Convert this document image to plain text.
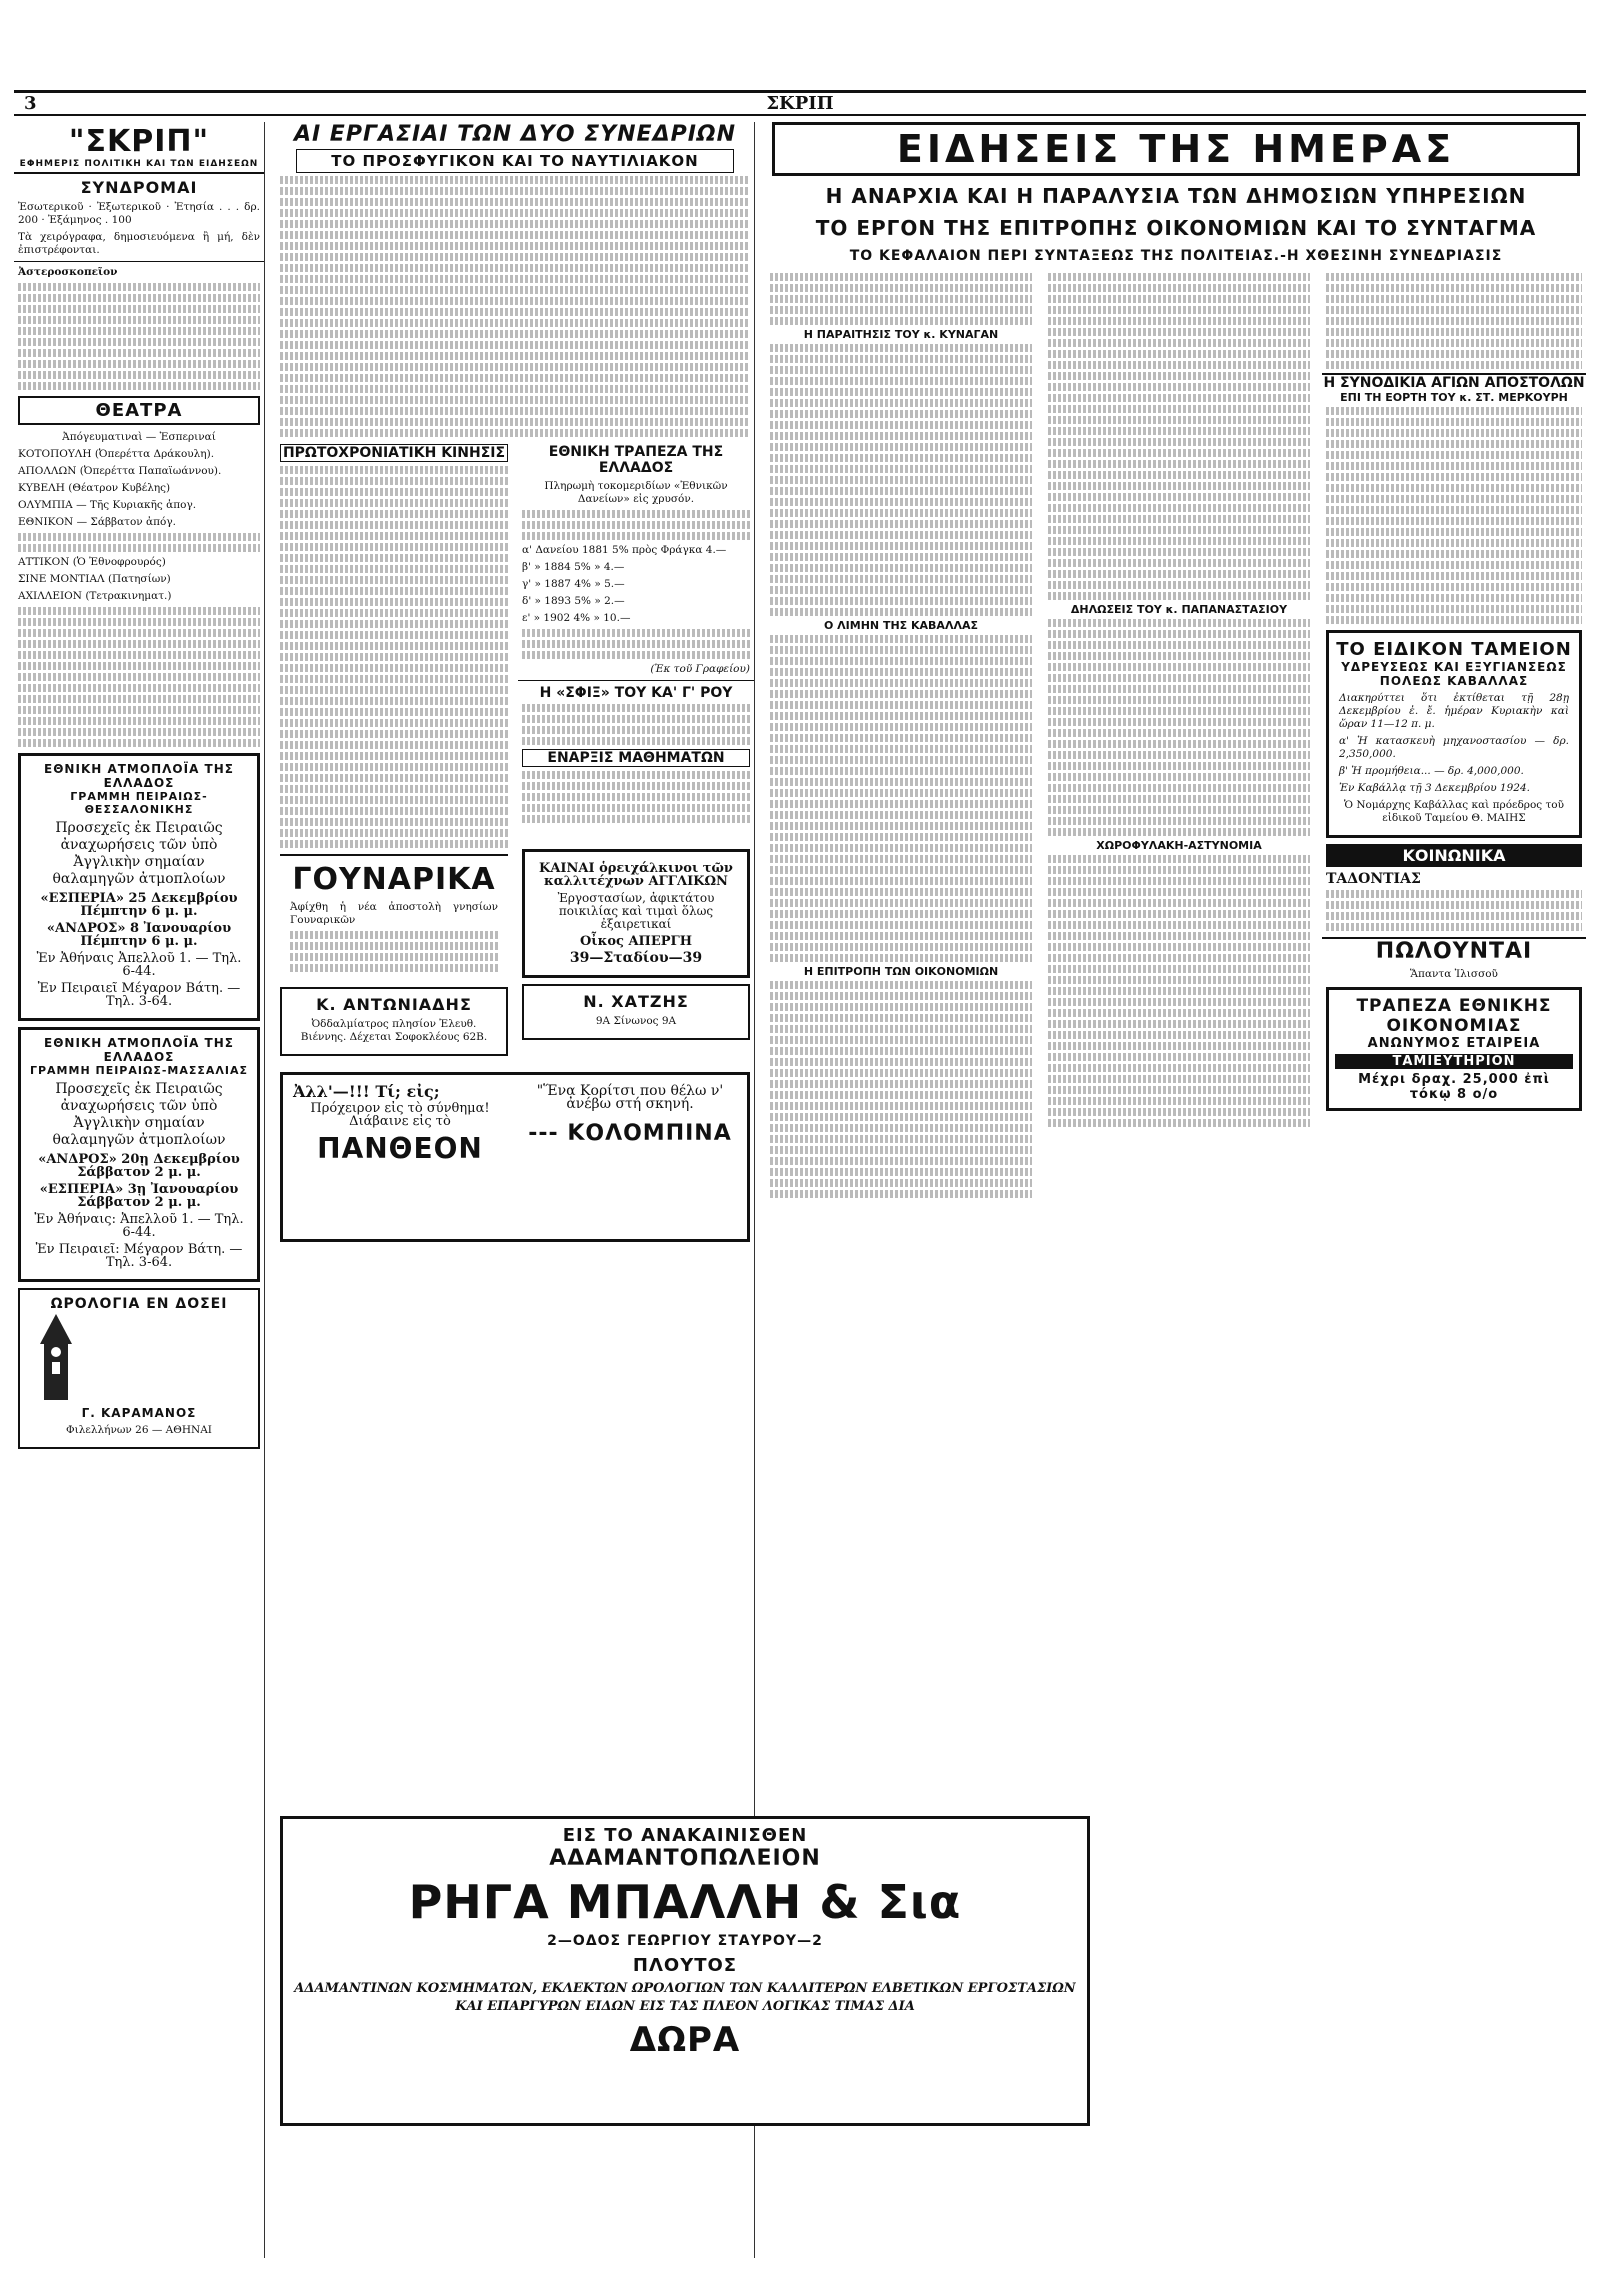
3	ΣΚΡΙΠ
"ΣΚΡΙΠ"
ΕΦΗΜΕΡΙΣ ΠΟΛΙΤΙΚΗ ΚΑΙ ΤΩΝ ΕΙΔΗΣΕΩΝ
ΣΥΝΔΡΟΜΑΙ
Ἐσωτερικοῦ · Ἐξωτερικοῦ · Ἐτησία . . . δρ. 200 · Ἐξάμηνος . 100
Τὰ χειρόγραφα, δημοσιευόμενα ἢ μή, δὲν ἐπιστρέφονται.
Ἀστεροσκοπεῖον
ΘΕΑΤΡΑ
Ἀπόγευματιναὶ — Ἑσπεριναί
ΚΟΤΟΠΟΥΛΗ (Ὀπερέττα Δράκουλη).
ΑΠΟΛΛΩΝ (Ὀπερέττα Παπαϊωάννου).
ΚΥΒΕΛΗ (Θέατρον Κυβέλης)
ΟΛΥΜΠΙΑ — Τῆς Κυριακῆς ἀπογ.
ΕΘΝΙΚΟΝ — Σάββατον ἀπόγ.
ΑΤΤΙΚΟΝ (Ὁ Ἐθνοφρουρός)
ΣΙΝΕ ΜΟΝΤΙΑΛ (Πατησίων)
ΑΧΙΛΛΕΙΟΝ (Τετρακινηματ.)
ΕΘΝΙΚΗ ΑΤΜΟΠΛΟΪΑ ΤΗΣ ΕΛΛΑΔΟΣ
ΓΡΑΜΜΗ ΠΕΙΡΑΙΩΣ-ΘΕΣΣΑΛΟΝΙΚΗΣ
Προσεχεῖς ἐκ Πειραιῶς ἀναχωρήσεις τῶν ὑπὸ Ἀγγλικὴν σημαίαν θαλαμηγῶν ἀτμοπλοίων
«ΕΣΠΕΡΙΑ» 25 Δεκεμβρίου Πέμπτην 6 μ. μ.
«ΑΝΔΡΟΣ» 8 Ἰανουαρίου Πέμπτην 6 μ. μ.
Ἐν Ἀθήναις Ἀπελλοῦ 1. — Τηλ. 6-44.
Ἐν Πειραιεῖ Μέγαρον Βάτη. — Τηλ. 3-64.
ΕΘΝΙΚΗ ΑΤΜΟΠΛΟΪΑ ΤΗΣ ΕΛΛΑΔΟΣ
ΓΡΑΜΜΗ ΠΕΙΡΑΙΩΣ-ΜΑΣΣΑΛΙΑΣ
Προσεχεῖς ἐκ Πειραιῶς ἀναχωρήσεις τῶν ὑπὸ Ἀγγλικὴν σημαίαν θαλαμηγῶν ἀτμοπλοίων
«ΑΝΔΡΟΣ» 20ῃ Δεκεμβρίου Σάββατον 2 μ. μ.
«ΕΣΠΕΡΙΑ» 3ῃ Ἰανουαρίου Σάββατον 2 μ. μ.
Ἐν Ἀθήναις: Ἀπελλοῦ 1. — Τηλ. 6-44.
Ἐν Πειραιεῖ: Μέγαρον Βάτη. — Τηλ. 3-64.
ΩΡΟΛΟΓΙΑ ΕΝ ΔΟΣΕΙ
Γ. ΚΑΡΑΜΑΝΟΣ
Φιλελλήνων 26 — ΑΘΗΝΑΙ
ΑΙ ΕΡΓΑΣΙΑΙ ΤΩΝ ΔΥΟ ΣΥΝΕΔΡΙΩΝ
ΤΟ ΠΡΟΣΦΥΓΙΚΟΝ ΚΑΙ ΤΟ ΝΑΥΤΙΛΙΑΚΟΝ
ΠΡΩΤΟΧΡΟΝΙΑΤΙΚΗ ΚΙΝΗΣΙΣ
ΓΟΥΝΑΡΙΚΑ
Ἀφίχθη ἡ νέα ἀποστολὴ γνησίων Γουναρικῶν
Κ. ΑΝΤΩΝΙΑΔΗΣ
Ὀδδαλμίατρος πλησίον Ἐλευθ. Βιέννης. Δέχεται Σοφοκλέους 62Β.
ΕΘΝΙΚΗ ΤΡΑΠΕΖΑ ΤΗΣ ΕΛΛΑΔΟΣ
Πληρωμὴ τοκομεριδίων «Ἐθνικῶν Δανείων» εἰς χρυσόν.
α' Δανείου 1881 5% πρὸς Φράγκα 4.—
β' » 1884 5% » 4.—
γ' » 1887 4% » 5.—
δ' » 1893 5% » 2.—
ε' » 1902 4% » 10.—
(Ἐκ τοῦ Γραφείου)
Η «ΣΦΙΞ» ΤΟΥ ΚΑ' Γ' ΡΟΥ
ΕΝΑΡΞΙΣ ΜΑΘΗΜΑΤΩΝ
ΚΑΙΝΑΙ ὁρειχάλκινοι τῶν καλλιτέχνων ΑΓΓΛΙΚΩΝ
Ἐργοστασίων, ἀφικτάτου ποικιλίας καὶ τιμαὶ ὅλως ἐξαιρετικαί
Οἶκος ΑΠΕΡΓΗ
39—Σταδίου—39
Ν. ΧΑΤΖΗΣ
9Α Σίνωνος 9Α
Ἀλλ'—!!! Τί; εἰς;
Πρόχειρον εἰς τὸ σύνθημα! Διάβαινε εἰς τὸ
ΠΑΝΘΕΟΝ
"Ἕνα Κορίτσι που θέλω ν' ἀνέβω στή σκηνή.
--- ΚΟΛΟΜΠΙΝΑ
ΕΙΔΗΣΕΙΣ ΤΗΣ ΗΜΕΡΑΣ
Η ΑΝΑΡΧΙΑ ΚΑΙ Η ΠΑΡΑΛΥΣΙΑ ΤΩΝ ΔΗΜΟΣΙΩΝ ΥΠΗΡΕΣΙΩΝ
ΤΟ ΕΡΓΟΝ ΤΗΣ ΕΠΙΤΡΟΠΗΣ ΟΙΚΟΝΟΜΙΩΝ ΚΑΙ ΤΟ ΣΥΝΤΑΓΜΑ
ΤΟ ΚΕΦΑΛΑΙΟΝ ΠΕΡΙ ΣΥΝΤΑΞΕΩΣ ΤΗΣ ΠΟΛΙΤΕΙΑΣ.-Η ΧΘΕΣΙΝΗ ΣΥΝΕΔΡΙΑΣΙΣ
Η ΠΑΡΑΙΤΗΣΙΣ ΤΟΥ κ. ΚΥΝΑΓΑΝ
Ο ΛΙΜΗΝ ΤΗΣ ΚΑΒΑΛΛΑΣ
Η ΕΠΙΤΡΟΠΗ ΤΩΝ ΟΙΚΟΝΟΜΙΩΝ
ΔΗΛΩΣΕΙΣ ΤΟΥ κ. ΠΑΠΑΝΑΣΤΑΣΙΟΥ
ΧΩΡΟΦΥΛΑΚΗ-ΑΣΤΥΝΟΜΙΑ
Η ΣΥΝΟΔΙΚΙΑ ΑΓΙΩΝ ΑΠΟΣΤΟΛΩΝ
ΕΠΙ ΤΗ ΕΟΡΤΗ ΤΟΥ κ. ΣΤ. ΜΕΡΚΟΥΡΗ
ΤΟ ΕΙΔΙΚΟΝ ΤΑΜΕΙΟΝ
ΥΔΡΕΥΣΕΩΣ ΚΑΙ ΕΞΥΓΙΑΝΣΕΩΣ
ΠΟΛΕΩΣ ΚΑΒΑΛΛΑΣ
Διακηρύττει ὅτι ἐκτίθεται τῇ 28ῃ Δεκεμβρίου ἐ. ἔ. ἡμέραν Κυριακὴν καὶ ὥραν 11—12 π. μ.
α' Ἡ κατασκευὴ μηχανοστασίου — δρ. 2,350,000.
β' Ἡ προμήθεια... — δρ. 4,000,000.
Ἐν Καβάλλᾳ τῇ 3 Δεκεμβρίου 1924.
Ὁ Νομάρχης Καβάλλας καὶ πρόεδρος τοῦ εἰδικοῦ Ταμείου Θ. ΜΑΙΗΣ
ΚΟΙΝΩΝΙΚΑ
ΤΑΔΟΝΤΙΑΣ
ΠΩΛΟΥΝΤΑΙ
Ἅπαντα Ἰλισσοῦ
ΤΡΑΠΕΖΑ ΕΘΝΙΚΗΣ ΟΙΚΟΝΟΜΙΑΣ
ΑΝΩΝΥΜΟΣ ΕΤΑΙΡΕΙΑ
ΤΑΜΙΕΥΤΗΡΙΟΝ
Μέχρι δραχ. 25,000 ἐπὶ τόκῳ 8 ο/ο
ΕΙΣ ΤΟ ΑΝΑΚΑΙΝΙΣΘΕΝ
ΑΔΑΜΑΝΤΟΠΩΛΕΙΟΝ
ΡΗΓΑ ΜΠΑΛΛΗ & Σια
2—ΟΔΟΣ ΓΕΩΡΓΙΟΥ ΣΤΑΥΡΟΥ—2
ΠΛΟΥΤΟΣ
ΑΔΑΜΑΝΤΙΝΩΝ ΚΟΣΜΗΜΑΤΩΝ, ΕΚΛΕΚΤΩΝ ΩΡΟΛΟΓΙΩΝ ΤΩΝ ΚΑΛΛΙΤΕΡΩΝ ΕΛΒΕΤΙΚΩΝ ΕΡΓΟΣΤΑΣΙΩΝ ΚΑΙ ΕΠΑΡΓΥΡΩΝ ΕΙΔΩΝ ΕΙΣ ΤΑΣ ΠΛΕΟΝ ΛΟΓΙΚΑΣ ΤΙΜΑΣ ΔΙΑ
ΔΩΡΑ
